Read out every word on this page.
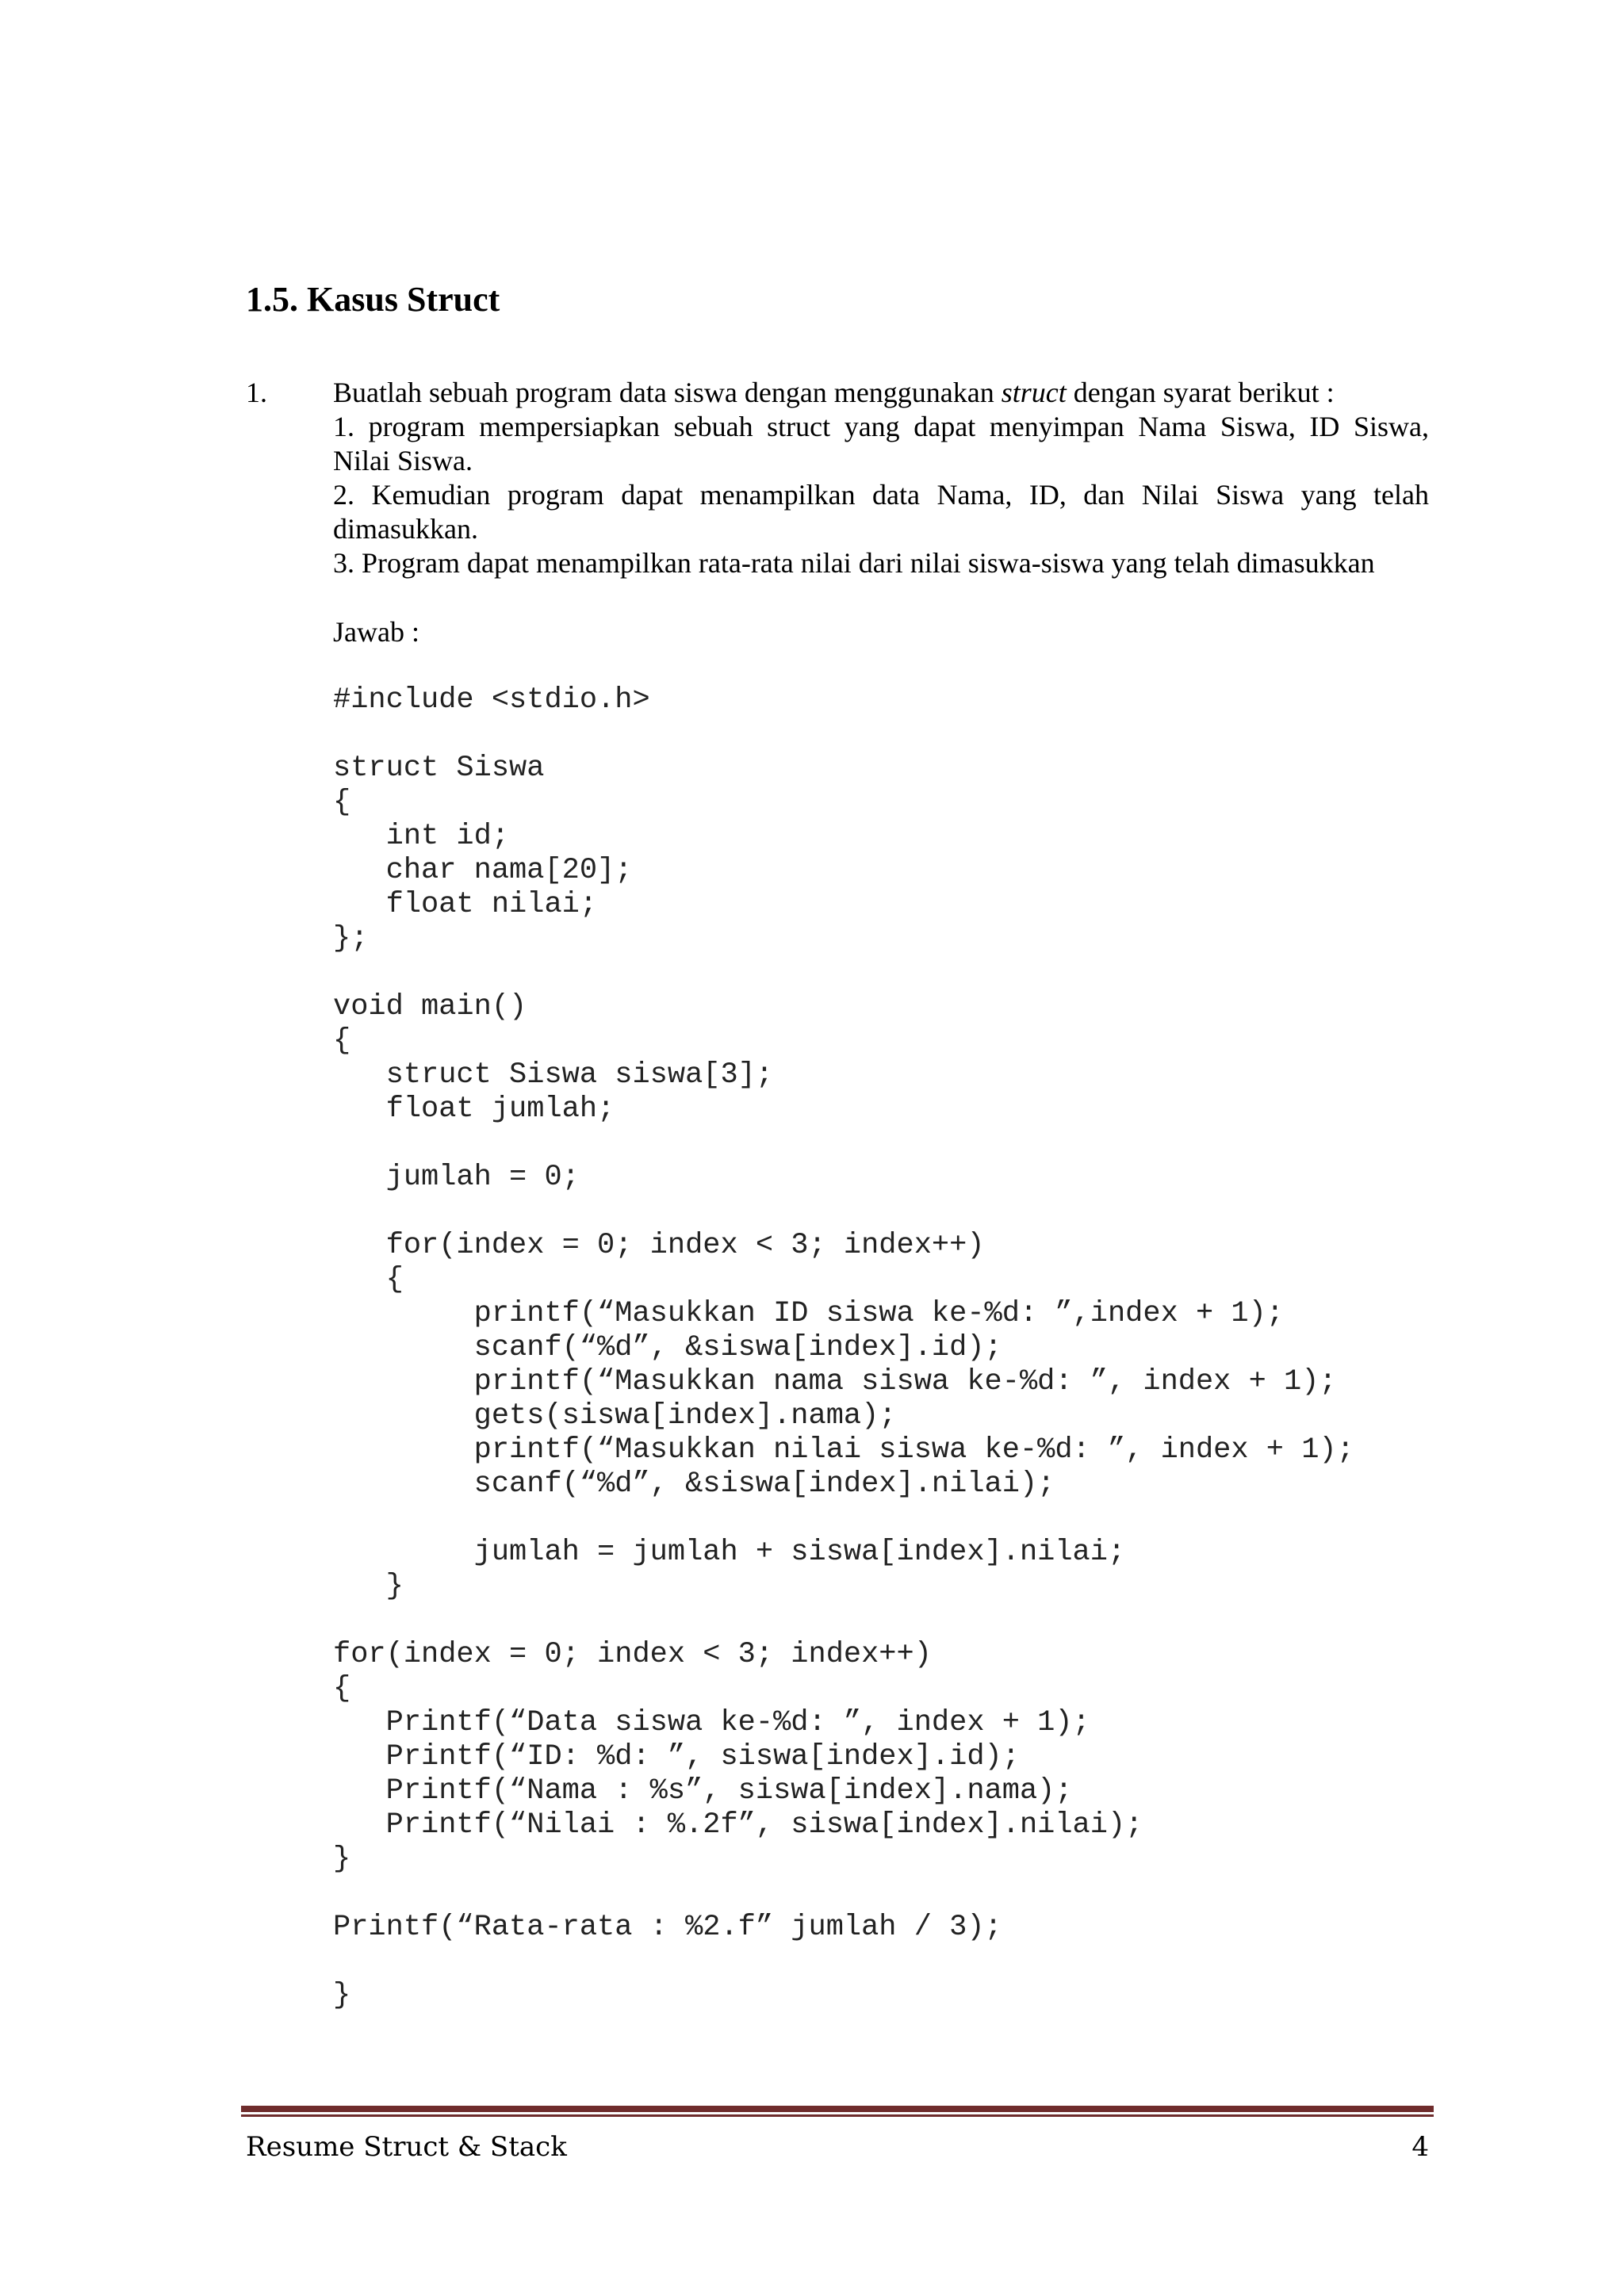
1.5. Kasus Struct
1. Buatlah sebuah program data siswa dengan menggunakan struct dengan syarat berikut :
1. program mempersiapkan sebuah struct yang dapat menyimpan Nama Siswa, ID Siswa,
Nilai Siswa.
2. Kemudian program dapat menampilkan data Nama, ID, dan Nilai Siswa yang telah
dimasukkan.
3. Program dapat menampilkan rata-rata nilai dari nilai siswa-siswa yang telah dimasukkan
Jawab :
#include <stdio.h>
struct Siswa
{
int id;
char nama[20];
float nilai;
};
void main()
{
struct Siswa siswa[3];
float jumlah;
jumlah = 0;
for(index = 0; index < 3; index++)
{
printf(“Masukkan ID siswa ke-%d: ”,index + 1);
scanf(“%d”, &siswa[index].id);
printf(“Masukkan nama siswa ke-%d: ”, index + 1);
gets(siswa[index].nama);
printf(“Masukkan nilai siswa ke-%d: ”, index + 1);
scanf(“%d”, &siswa[index].nilai);
jumlah = jumlah + siswa[index].nilai;
}
for(index = 0; index < 3; index++)
{
Printf(“Data siswa ke-%d: ”, index + 1);
Printf(“ID: %d: ”, siswa[index].id);
Printf(“Nama : %s”, siswa[index].nama);
Printf(“Nilai : %.2f”, siswa[index].nilai);
}
Printf(“Rata-rata : %2.f” jumlah / 3);
}
Resume Struct & Stack	4
